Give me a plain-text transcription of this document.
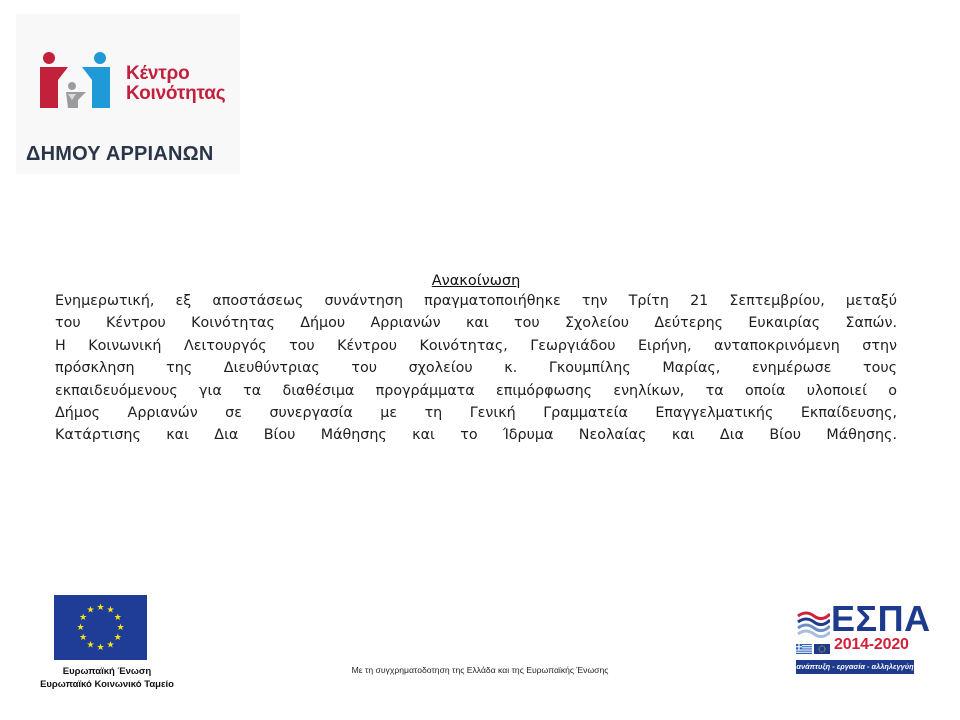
Κέντρο
Κοινότητας
ΔΗΜΟΥ ΑΡΡΙΑΝΩΝ
Ανακοίνωση
Ενημερωτική, εξ αποστάσεως συνάντηση πραγματοποιήθηκε την Τρίτη 21 Σεπτεμβρίου, μεταξύ
του Κέντρου Κοινότητας Δήμου Αρριανών και του Σχολείου Δεύτερης Ευκαιρίας Σαπών.
Η Κοινωνική Λειτουργός του Κέντρου Κοινότητας, Γεωργιάδου Ειρήνη, ανταποκρινόμενη στην
πρόσκληση της Διευθύντριας του σχολείου κ. Γκουμπίλης Μαρίας, ενημέρωσε τους
εκπαιδευόμενους για τα διαθέσιμα προγράμματα επιμόρφωσης ενηλίκων, τα οποία υλοποιεί ο
Δήμος Αρριανών σε συνεργασία με τη Γενική Γραμματεία Επαγγελματικής Εκπαίδευσης,
Κατάρτισης και Δια Βίου Μάθησης και το Ίδρυμα Νεολαίας και Δια Βίου Μάθησης.
★ ★
★
★
★
★
★
★
★
★
★
★
Ευρωπαϊκή Ένωση
Ευρωπαϊκό Κοινωνικό Ταμείο
Με τη συγχρηματοδοτηση της Ελλάδα και της Ευρωπαϊκής Ένωσης
ΕΣΠΑ
2014-2020
ανάπτυξη - εργασία - αλληλεγγύη
